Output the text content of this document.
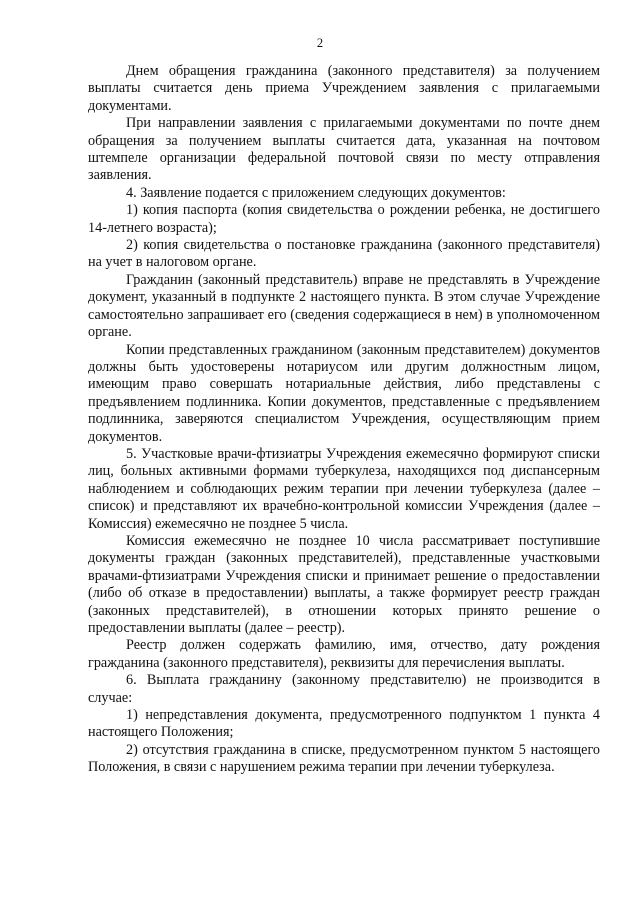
2

Днем обращения гражданина (законного представителя) за получением выплаты считается день приема Учреждением заявления с прилагаемыми документами.

При направлении заявления с прилагаемыми документами по почте днем обращения за получением выплаты считается дата, указанная на почтовом штемпеле организации федеральной почтовой связи по месту отправления заявления.

4. Заявление подается с приложением следующих документов:

1) копия паспорта (копия свидетельства о рождении ребенка, не достигшего 14-летнего возраста);

2) копия свидетельства о постановке гражданина (законного представителя) на учет в налоговом органе.

Гражданин (законный представитель) вправе не представлять в Учреждение документ, указанный в подпункте 2 настоящего пункта. В этом случае Учреждение самостоятельно запрашивает его (сведения содержащиеся в нем) в уполномоченном органе.

Копии представленных гражданином (законным представителем) документов должны быть удостоверены нотариусом или другим должностным лицом, имеющим право совершать нотариальные действия, либо представлены с предъявлением подлинника. Копии документов, представленные с предъявлением подлинника, заверяются специалистом Учреждения, осуществляющим прием документов.

5. Участковые врачи-фтизиатры Учреждения ежемесячно формируют списки лиц, больных активными формами туберкулеза, находящихся под диспансерным наблюдением и соблюдающих режим терапии при лечении туберкулеза (далее – список) и представляют их врачебно-контрольной комиссии Учреждения (далее – Комиссия) ежемесячно не позднее 5 числа.

Комиссия ежемесячно не позднее 10 числа рассматривает поступившие документы граждан (законных представителей), представленные участковыми врачами-фтизиатрами Учреждения списки и принимает решение о предоставлении (либо об отказе в предоставлении) выплаты, а также формирует реестр граждан (законных представителей), в отношении которых принято решение о предоставлении выплаты (далее – реестр).

Реестр должен содержать фамилию, имя, отчество, дату рождения гражданина (законного представителя), реквизиты для перечисления выплаты.

6. Выплата гражданину (законному представителю) не производится в случае:

1) непредставления документа, предусмотренного подпунктом 1 пункта 4 настоящего Положения;

2) отсутствия гражданина в списке, предусмотренном пунктом 5 настоящего Положения, в связи с нарушением режима терапии при лечении туберкулеза.
